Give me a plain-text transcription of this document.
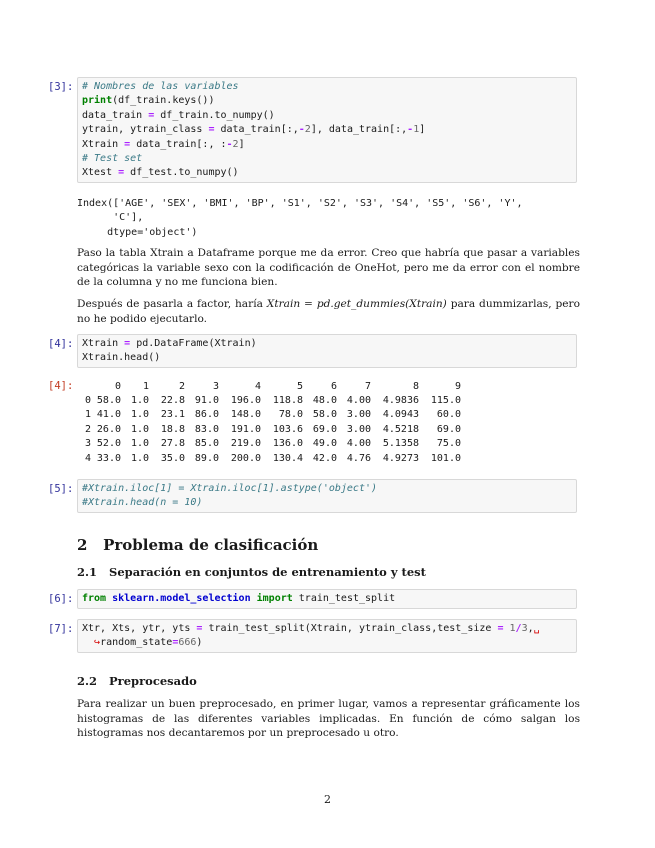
[3]: # Nombres de las variables
print(df_train.keys())
data_train = df_train.to_numpy()
ytrain, ytrain_class = data_train[:,-2], data_train[:,-1]
Xtrain = data_train[:, :-2]
# Test set
Xtest = df_test.to_numpy()
Index(['AGE', 'SEX', 'BMI', 'BP', 'S1', 'S2', 'S3', 'S4', 'S5', 'S6', 'Y',
'C'],
dtype='object')
Paso la tabla Xtrain a Dataframe porque me da error. Creo que habría que pasar a variables categóricas la variable sexo con la codificación de OneHot, pero me da error con el nombre de la columna y no me funciona bien.
Después de pasarla a factor, haría Xtrain = pd.get_dummies(Xtrain) para dummizarlas, pero no he podido ejecutarlo.
[4]: Xtrain = pd.DataFrame(Xtrain)
Xtrain.head()
[4]:
		0	1	2	3	4	5	6	7	8	9
0	58.0	1.0	22.8	91.0	196.0	118.8	48.0	4.00	4.9836	115.0
1	41.0	1.0	23.1	86.0	148.0	78.0	58.0	3.00	4.0943	60.0
2	26.0	1.0	18.8	83.0	191.0	103.6	69.0	3.00	4.5218	69.0
3	52.0	1.0	27.8	85.0	219.0	136.0	49.0	4.00	5.1358	75.0
4	33.0	1.0	35.0	89.0	200.0	130.4	42.0	4.76	4.9273	101.0
[5]: #Xtrain.iloc[1] = Xtrain.iloc[1].astype('object')
#Xtrain.head(n = 10)
2 Problema de clasificación
2.1 Separación en conjuntos de entrenamiento y test
[6]: from sklearn.model_selection import train_test_split
[7]: Xtr, Xts, ytr, yts = train_test_split(Xtrain, ytrain_class,test_size = 1/3,␣
↪random_state=666)
2.2 Preprocesado
Para realizar un buen preprocesado, en primer lugar, vamos a representar gráficamente los histogramas de las diferentes variables implicadas. En función de cómo salgan los histogramas nos decantaremos por un preprocesado u otro.
2
